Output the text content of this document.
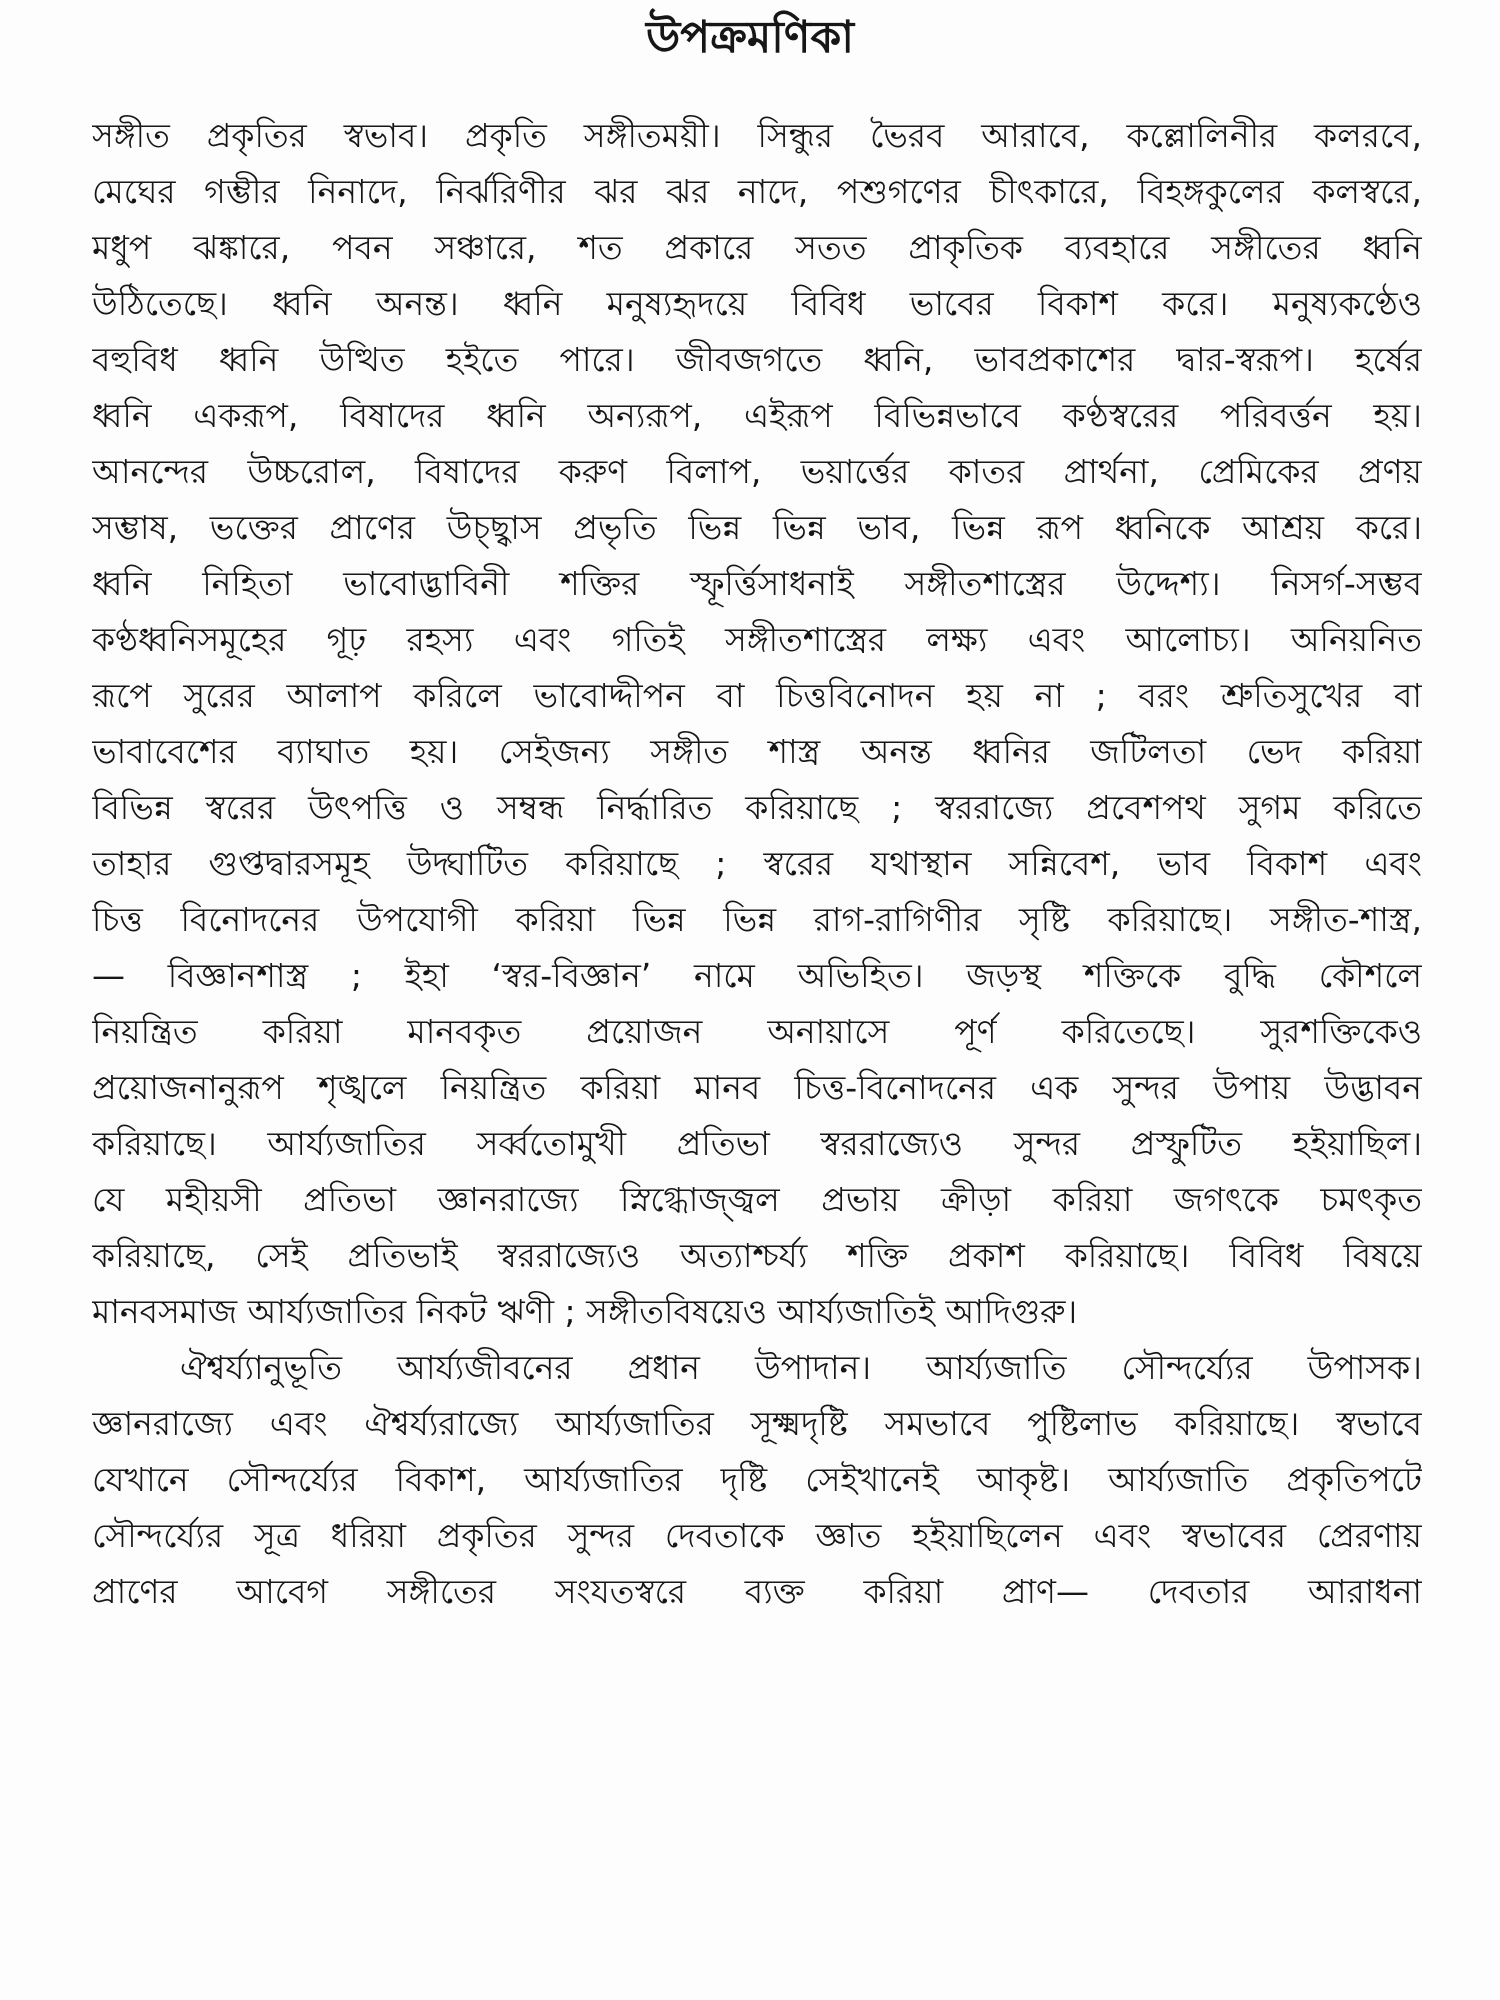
উপক্রমণিকা
সঙ্গীত প্রকৃতির স্বভাব। প্রকৃতি সঙ্গীতময়ী। সিন্ধুর ভৈরব আরাবে, কল্লোলিনীর কলরবে,
মেঘের গম্ভীর নিনাদে, নির্ঝরিণীর ঝর ঝর নাদে, পশুগণের চীৎকারে, বিহঙ্গকুলের কলস্বরে,
মধুপ ঝঙ্কারে, পবন সঞ্চারে, শত প্রকারে সতত প্রাকৃতিক ব্যবহারে সঙ্গীতের ধ্বনি
উঠিতেছে। ধ্বনি অনন্ত। ধ্বনি মনুষ্যহৃদয়ে বিবিধ ভাবের বিকাশ করে। মনুষ্যকণ্ঠেও
বহুবিধ ধ্বনি উত্থিত হইতে পারে। জীবজগতে ধ্বনি, ভাবপ্রকাশের দ্বার-স্বরূপ। হর্ষের
ধ্বনি একরূপ, বিষাদের ধ্বনি অন্যরূপ, এইরূপ বিভিন্নভাবে কণ্ঠস্বরের পরিবর্ত্তন হয়।
আনন্দের উচ্চরোল, বিষাদের করুণ বিলাপ, ভয়ার্ত্তের কাতর প্রার্থনা, প্রেমিকের প্রণয়
সম্ভাষ, ভক্তের প্রাণের উচ্ছ্বাস প্রভৃতি ভিন্ন ভিন্ন ভাব, ভিন্ন রূপ ধ্বনিকে আশ্রয় করে।
ধ্বনি নিহিতা ভাবোদ্ভাবিনী শক্তির স্ফূর্ত্তিসাধনাই সঙ্গীতশাস্ত্রের উদ্দেশ্য। নিসর্গ-সম্ভব
কণ্ঠধ্বনিসমূহের গূঢ় রহস্য এবং গতিই সঙ্গীতশাস্ত্রের লক্ষ্য এবং আলোচ্য। অনিয়নিত
রূপে সুরের আলাপ করিলে ভাবোদ্দীপন বা চিত্তবিনোদন হয় না ; বরং শ্রুতিসুখের বা
ভাবাবেশের ব্যাঘাত হয়। সেইজন্য সঙ্গীত শাস্ত্র অনন্ত ধ্বনির জটিলতা ভেদ করিয়া
বিভিন্ন স্বরের উৎপত্তি ও সম্বন্ধ নির্দ্ধারিত করিয়াছে ; স্বররাজ্যে প্রবেশপথ সুগম করিতে
তাহার গুপ্তদ্বারসমূহ উদ্ঘাটিত করিয়াছে ; স্বরের যথাস্থান সন্নিবেশ, ভাব বিকাশ এবং
চিত্ত বিনোদনের উপযোগী করিয়া ভিন্ন ভিন্ন রাগ-রাগিণীর সৃষ্টি করিয়াছে। সঙ্গীত-শাস্ত্র,
— বিজ্ঞানশাস্ত্র ; ইহা ‘স্বর-বিজ্ঞান’ নামে অভিহিত। জড়স্থ শক্তিকে বুদ্ধি কৌশলে
নিয়ন্ত্রিত করিয়া মানবকৃত প্রয়োজন অনায়াসে পূর্ণ করিতেছে। সুরশক্তিকেও
প্রয়োজনানুরূপ শৃঙ্খলে নিয়ন্ত্রিত করিয়া মানব চিত্ত-বিনোদনের এক সুন্দর উপায় উদ্ভাবন
করিয়াছে। আর্য্যজাতির সর্ব্বতোমুখী প্রতিভা স্বররাজ্যেও সুন্দর প্রস্ফুটিত হইয়াছিল।
যে মহীয়সী প্রতিভা জ্ঞানরাজ্যে স্নিগ্ধোজ্জ্বল প্রভায় ক্রীড়া করিয়া জগৎকে চমৎকৃত
করিয়াছে, সেই প্রতিভাই স্বররাজ্যেও অত্যাশ্চর্য্য শক্তি প্রকাশ করিয়াছে। বিবিধ বিষয়ে
মানবসমাজ আর্য্যজাতির নিকট ঋণী ; সঙ্গীতবিষয়েও আর্য্যজাতিই আদিগুরু।
ঐশ্বর্য্যানুভূতি আর্য্যজীবনের প্রধান উপাদান। আর্য্যজাতি সৌন্দর্য্যের উপাসক।
জ্ঞানরাজ্যে এবং ঐশ্বর্য্যরাজ্যে আর্য্যজাতির সূক্ষ্মদৃষ্টি সমভাবে পুষ্টিলাভ করিয়াছে। স্বভাবে
যেখানে সৌন্দর্য্যের বিকাশ, আর্য্যজাতির দৃষ্টি সেইখানেই আকৃষ্ট। আর্য্যজাতি প্রকৃতিপটে
সৌন্দর্য্যের সূত্র ধরিয়া প্রকৃতির সুন্দর দেবতাকে জ্ঞাত হইয়াছিলেন এবং স্বভাবের প্রেরণায়
প্রাণের আবেগ সঙ্গীতের সংযতস্বরে ব্যক্ত করিয়া প্রাণ— দেবতার আরাধনা
